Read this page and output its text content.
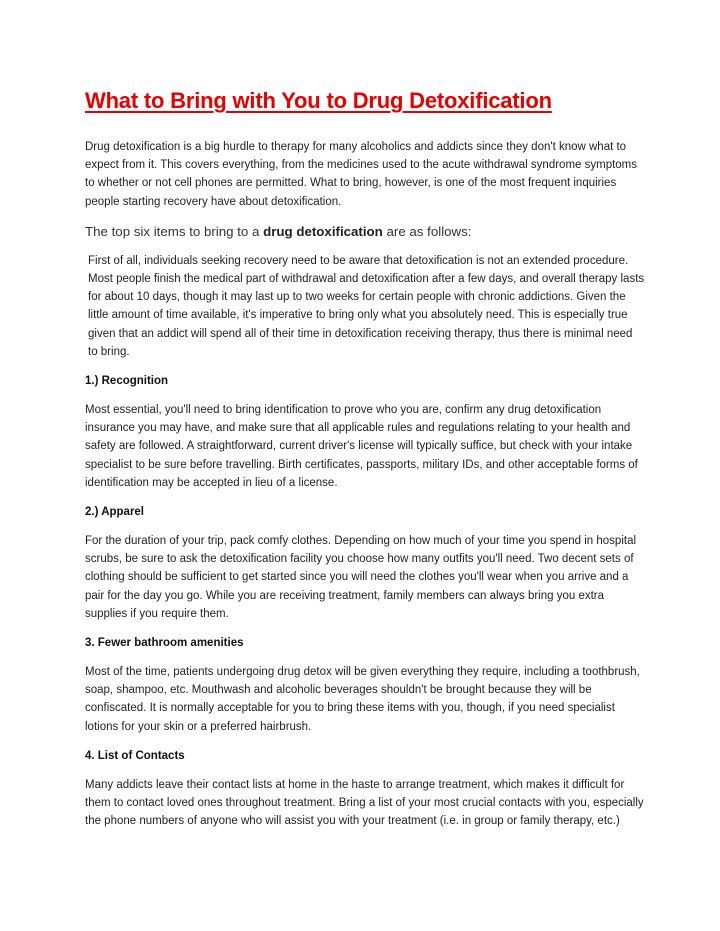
What to Bring with You to Drug Detoxification

Drug detoxification is a big hurdle to therapy for many alcoholics and addicts since they don't know what to expect from it. This covers everything, from the medicines used to the acute withdrawal syndrome symptoms to whether or not cell phones are permitted. What to bring, however, is one of the most frequent inquiries people starting recovery have about detoxification.

The top six items to bring to a drug detoxification are as follows:

First of all, individuals seeking recovery need to be aware that detoxification is not an extended procedure. Most people finish the medical part of withdrawal and detoxification after a few days, and overall therapy lasts for about 10 days, though it may last up to two weeks for certain people with chronic addictions. Given the little amount of time available, it's imperative to bring only what you absolutely need. This is especially true given that an addict will spend all of their time in detoxification receiving therapy, thus there is minimal need to bring.

1.) Recognition

Most essential, you'll need to bring identification to prove who you are, confirm any drug detoxification insurance you may have, and make sure that all applicable rules and regulations relating to your health and safety are followed. A straightforward, current driver's license will typically suffice, but check with your intake specialist to be sure before travelling. Birth certificates, passports, military IDs, and other acceptable forms of identification may be accepted in lieu of a license.

2.) Apparel

For the duration of your trip, pack comfy clothes. Depending on how much of your time you spend in hospital scrubs, be sure to ask the detoxification facility you choose how many outfits you'll need. Two decent sets of clothing should be sufficient to get started since you will need the clothes you'll wear when you arrive and a pair for the day you go. While you are receiving treatment, family members can always bring you extra supplies if you require them.

3. Fewer bathroom amenities

Most of the time, patients undergoing drug detox will be given everything they require, including a toothbrush, soap, shampoo, etc. Mouthwash and alcoholic beverages shouldn't be brought because they will be confiscated. It is normally acceptable for you to bring these items with you, though, if you need specialist lotions for your skin or a preferred hairbrush.

4. List of Contacts

Many addicts leave their contact lists at home in the haste to arrange treatment, which makes it difficult for them to contact loved ones throughout treatment. Bring a list of your most crucial contacts with you, especially the phone numbers of anyone who will assist you with your treatment (i.e. in group or family therapy, etc.)
